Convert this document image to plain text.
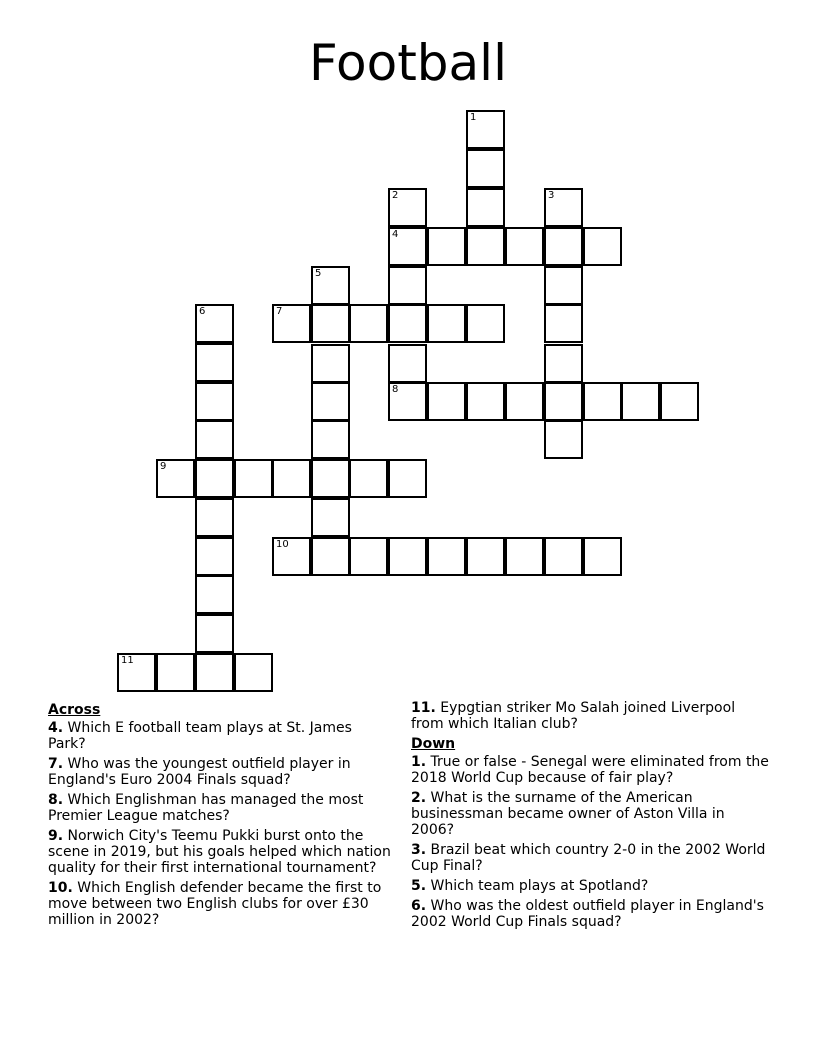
Football
1
2	3
4
5
6	7
8
9
10
11
Across
4. Which E football team plays at St. James Park?
7. Who was the youngest outfield player in England's Euro 2004 Finals squad?
8. Which Englishman has managed the most Premier League matches?
9. Norwich City's Teemu Pukki burst onto the scene in 2019, but his goals helped which nation quality for their first international tournament?
10. Which English defender became the first to move between two English clubs for over £30 million in 2002?
11. Eypgtian striker Mo Salah joined Liverpool from which Italian club?
Down
1. True or false - Senegal were eliminated from the 2018 World Cup because of fair play?
2. What is the surname of the American businessman became owner of Aston Villa in 2006?
3. Brazil beat which country 2-0 in the 2002 World Cup Final?
5. Which team plays at Spotland?
6. Who was the oldest outfield player in England's 2002 World Cup Finals squad?
